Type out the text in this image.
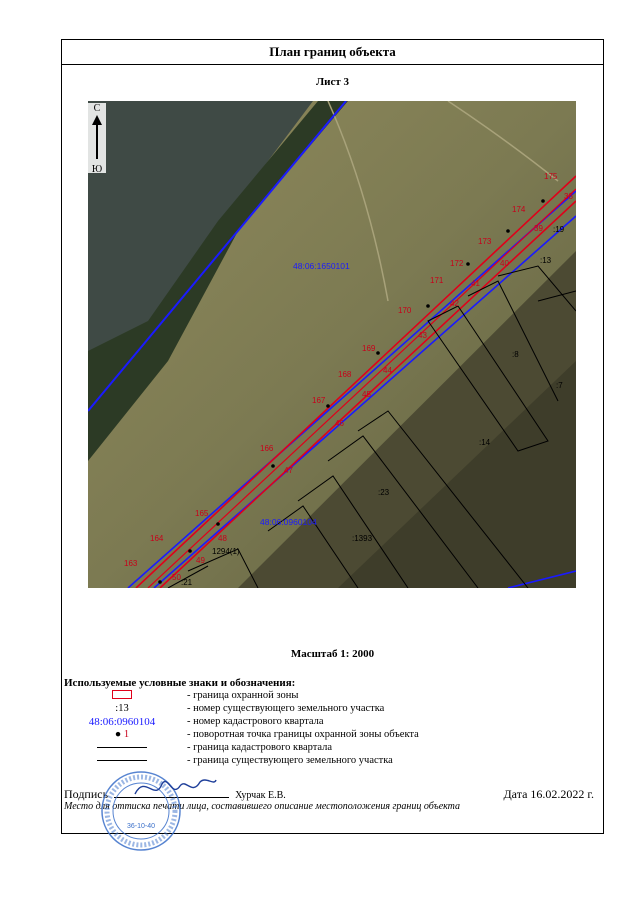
План границ объекта
Лист 3
163
164
165
166
167
168
169
170
171
172
173
174
175
38
39
40
41
42
43
44
45
46
47
48
49
50
48:06:1650101
48:06:0960104
:19
:13
:8
:7
:14
:23
:1393
1294(1)
:21
С
Ю
Масштаб 1: 2000
Используемые условные знаки и обозначения:
- граница охранной зоны
:13	- номер существующего земельного участка
48:06:0960104	- номер кадастрового квартала
● 1	- поворотная точка границы охранной зоны объекта
- граница кадастрового квартала
- граница существующего земельного участка
Подпись	Хурчак Е.В.	Дата 16.02.2022 г.
Место для оттиска печати лица, составившего описание местоположения границ объекта
36-10-40
